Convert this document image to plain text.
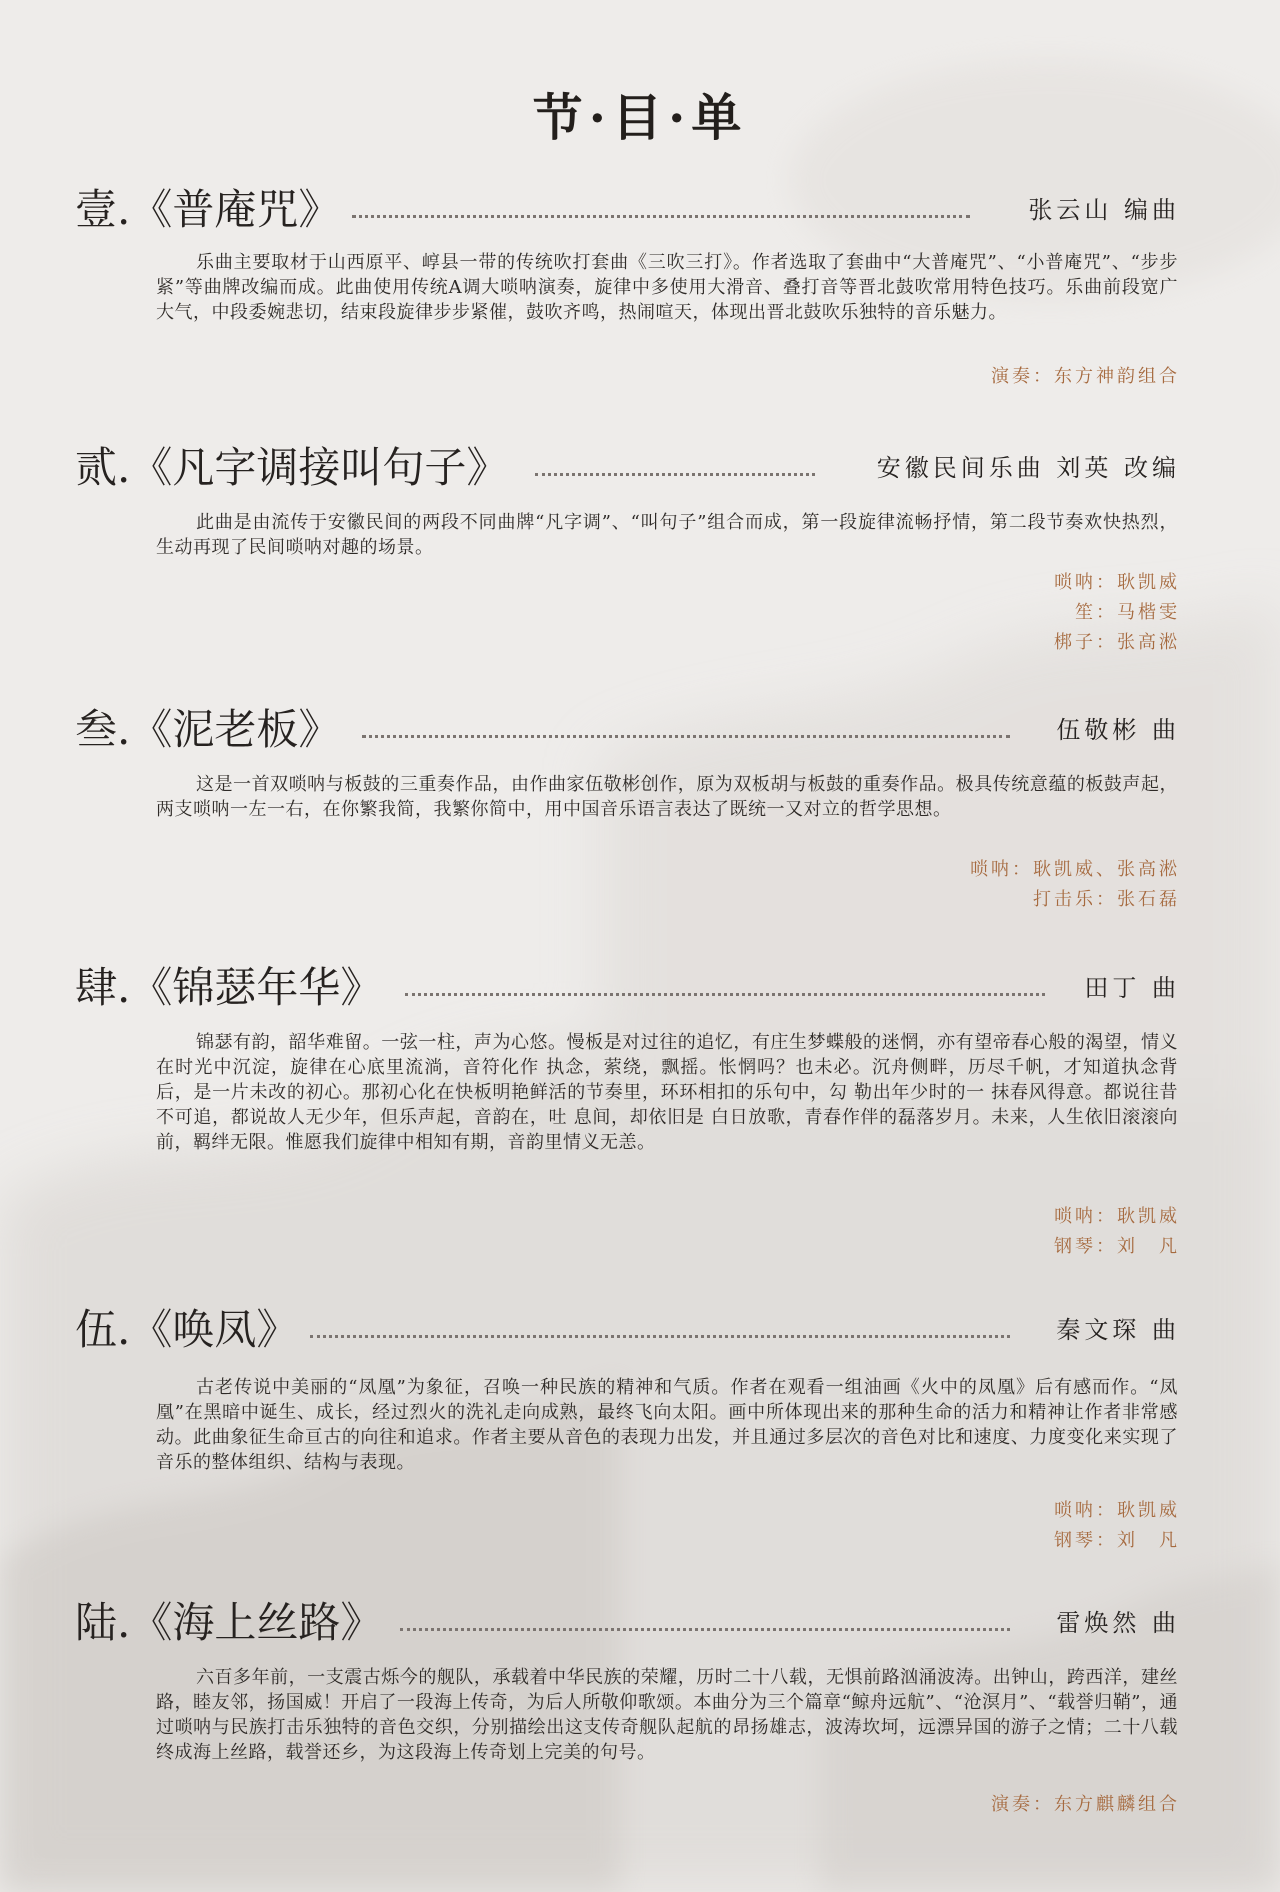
节·目·单
壹.《普庵咒》	张云山 编曲

乐曲主要取材于山西原平、崞县一带的传统吹打套曲《三吹三打》。作者选取了套曲中“大普庵咒”、“小普庵咒”、“步步紧”等曲牌改编而成。此曲使用传统A调大唢呐演奏，旋律中多使用大滑音、叠打音等晋北鼓吹常用特色技巧。乐曲前段宽广大气，中段委婉悲切，结束段旋律步步紧催，鼓吹齐鸣，热闹喧天，体现出晋北鼓吹乐独特的音乐魅力。

演奏：东方神韵组合
贰.《凡字调接叫句子》	安徽民间乐曲 刘英 改编

此曲是由流传于安徽民间的两段不同曲牌“凡字调”、“叫句子”组合而成，第一段旋律流畅抒情，第二段节奏欢快热烈，生动再现了民间唢呐对趣的场景。

唢呐：耿凯威
笙：马楷雯
梆子：张高淞
叁.《泥老板》	伍敬彬 曲

这是一首双唢呐与板鼓的三重奏作品，由作曲家伍敬彬创作，原为双板胡与板鼓的重奏作品。极具传统意蕴的板鼓声起，两支唢呐一左一右，在你繁我简，我繁你简中，用中国音乐语言表达了既统一又对立的哲学思想。

唢呐：耿凯威、张高淞
打击乐：张石磊
肆.《锦瑟年华》	田丁 曲

锦瑟有韵，韶华难留。一弦一柱，声为心悠。慢板是对过往的追忆，有庄生梦蝶般的迷惘，亦有望帝春心般的渴望，情义 在时光中沉淀，旋律在心底里流淌，音符化作 执念，萦绕，飘摇。怅惘吗？也未必。沉舟侧畔，历尽千帆，才知道执念背后，是一片未改的初心。那初心化在快板明艳鲜活的节奏里，环环相扣的乐句中，勾 勒出年少时的一 抹春风得意。都说往昔不可追，都说故人无少年，但乐声起，音韵在，吐 息间，却依旧是 白日放歌，青春作伴的磊落岁月。未来，人生依旧滚滚向前，羁绊无限。惟愿我们旋律中相知有期，音韵里情义无恙。

唢呐：耿凯威
钢琴：刘　凡
伍.《唤凤》	秦文琛 曲

古老传说中美丽的“凤凰”为象征，召唤一种民族的精神和气质。作者在观看一组油画《火中的凤凰》后有感而作。“凤凰”在黑暗中诞生、成长，经过烈火的洗礼走向成熟，最终飞向太阳。画中所体现出来的那种生命的活力和精神让作者非常感动。此曲象征生命亘古的向往和追求。作者主要从音色的表现力出发，并且通过多层次的音色对比和速度、力度变化来实现了音乐的整体组织、结构与表现。

唢呐：耿凯威
钢琴：刘　凡
陆.《海上丝路》	雷焕然 曲

六百多年前，一支震古烁今的舰队，承载着中华民族的荣耀，历时二十八载，无惧前路汹涌波涛。出钟山，跨西洋，建丝路，睦友邻，扬国威！开启了一段海上传奇，为后人所敬仰歌颂。本曲分为三个篇章“鲸舟远航”、“沧溟月”、“载誉归鞘”，通过唢呐与民族打击乐独特的音色交织，分别描绘出这支传奇舰队起航的昂扬雄志，波涛坎坷，远漂异国的游子之情；二十八载终成海上丝路，载誉还乡，为这段海上传奇划上完美的句号。

演奏：东方麒麟组合
